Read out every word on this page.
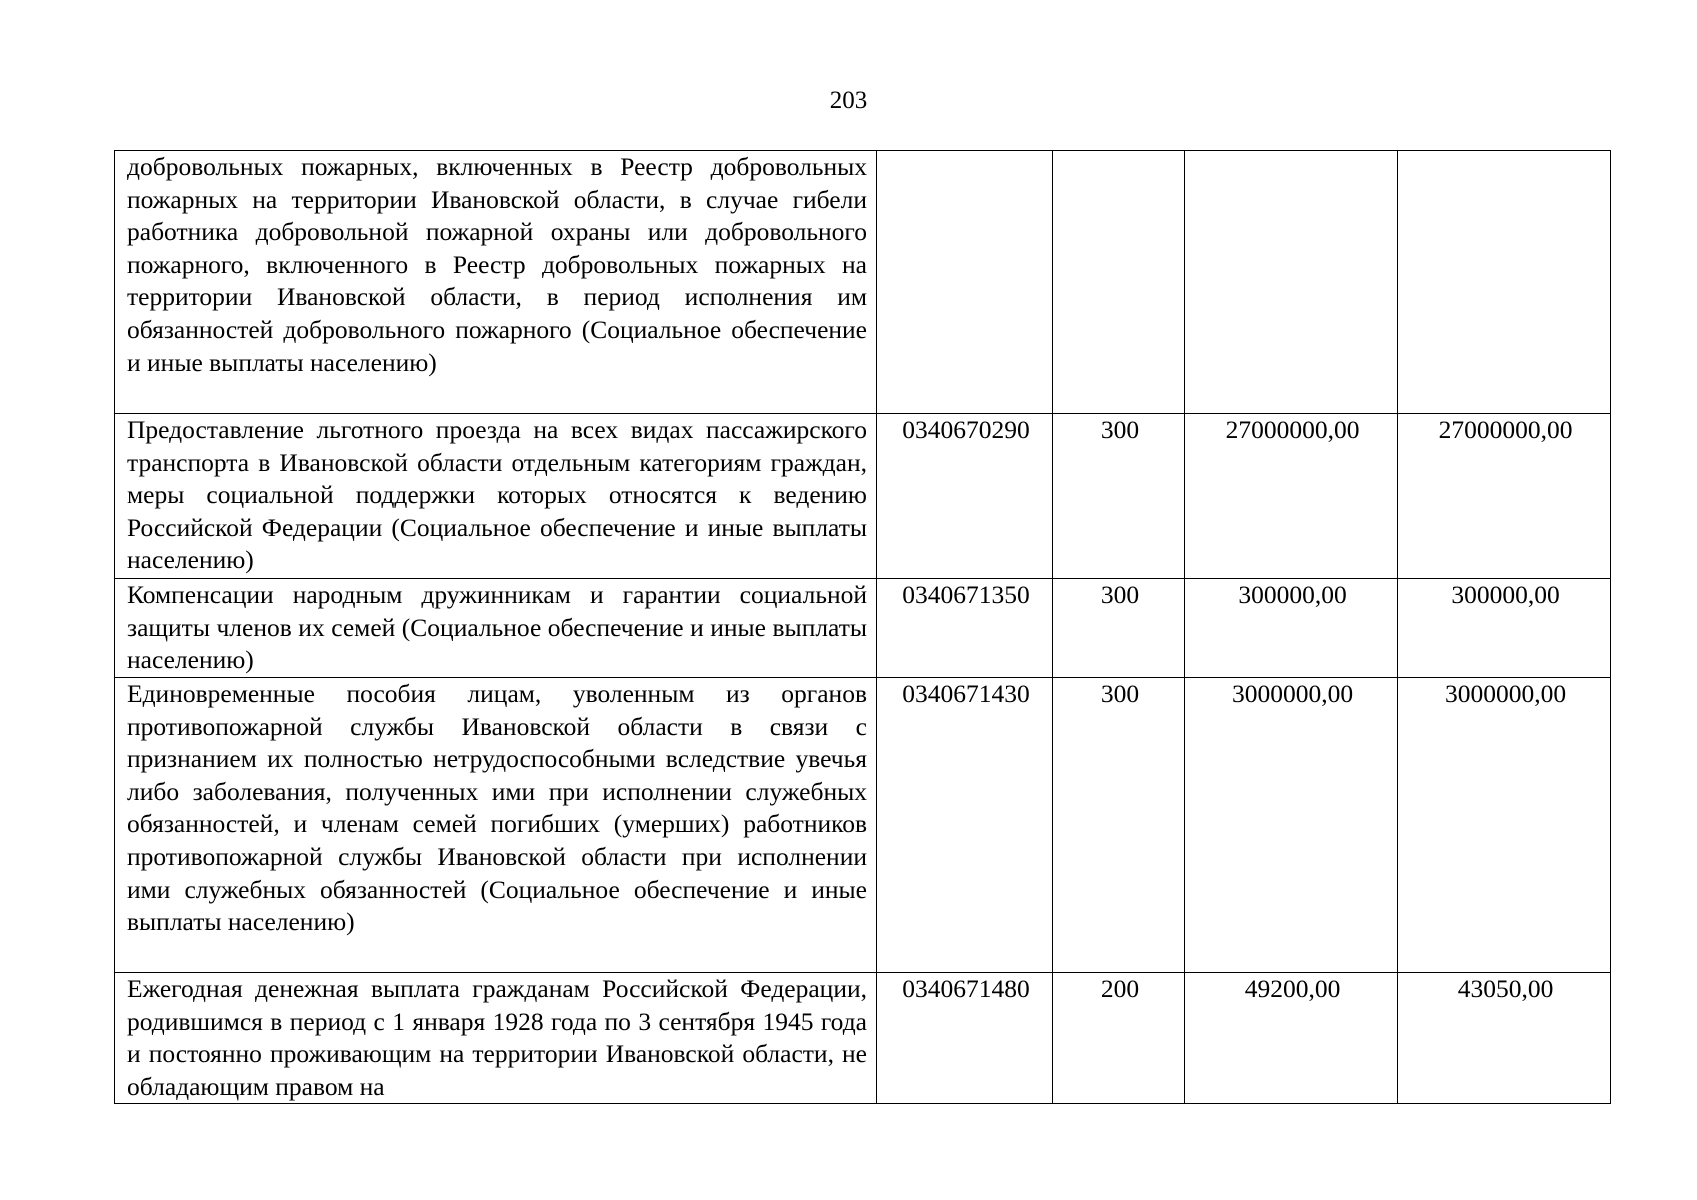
203
добровольных пожарных, включенных в Реестр добровольных пожарных на территории Ивановской области, в случае гибели работника добровольной пожарной охраны или добровольного пожарного, включенного в Реестр добровольных пожарных на территории Ивановской области, в период исполнения им обязанностей добровольного пожарного (Социальное обеспечение и иные выплаты населению)				
Предоставление льготного проезда на всех видах пассажирского транспорта в Ивановской области отдельным категориям граждан, меры социальной поддержки которых относятся к ведению Российской Федерации (Социальное обеспечение и иные выплаты населению)	0340670290	300	27000000,00	27000000,00
Компенсации народным дружинникам и гарантии социальной защиты членов их семей (Социальное обеспечение и иные выплаты населению)	0340671350	300	300000,00	300000,00
Единовременные пособия лицам, уволенным из органов противопожарной службы Ивановской области в связи с признанием их полностью нетрудоспособными вследствие увечья либо заболевания, полученных ими при исполнении служебных обязанностей, и членам семей погибших (умерших) работников противопожарной службы Ивановской области при исполнении ими служебных обязанностей (Социальное обеспечение и иные выплаты населению)	0340671430	300	3000000,00	3000000,00
Ежегодная денежная выплата гражданам Российской Федерации, родившимся в период с 1 января 1928 года по 3 сентября 1945 года и постоянно проживающим на территории Ивановской области, не обладающим правом на	0340671480	200	49200,00	43050,00
